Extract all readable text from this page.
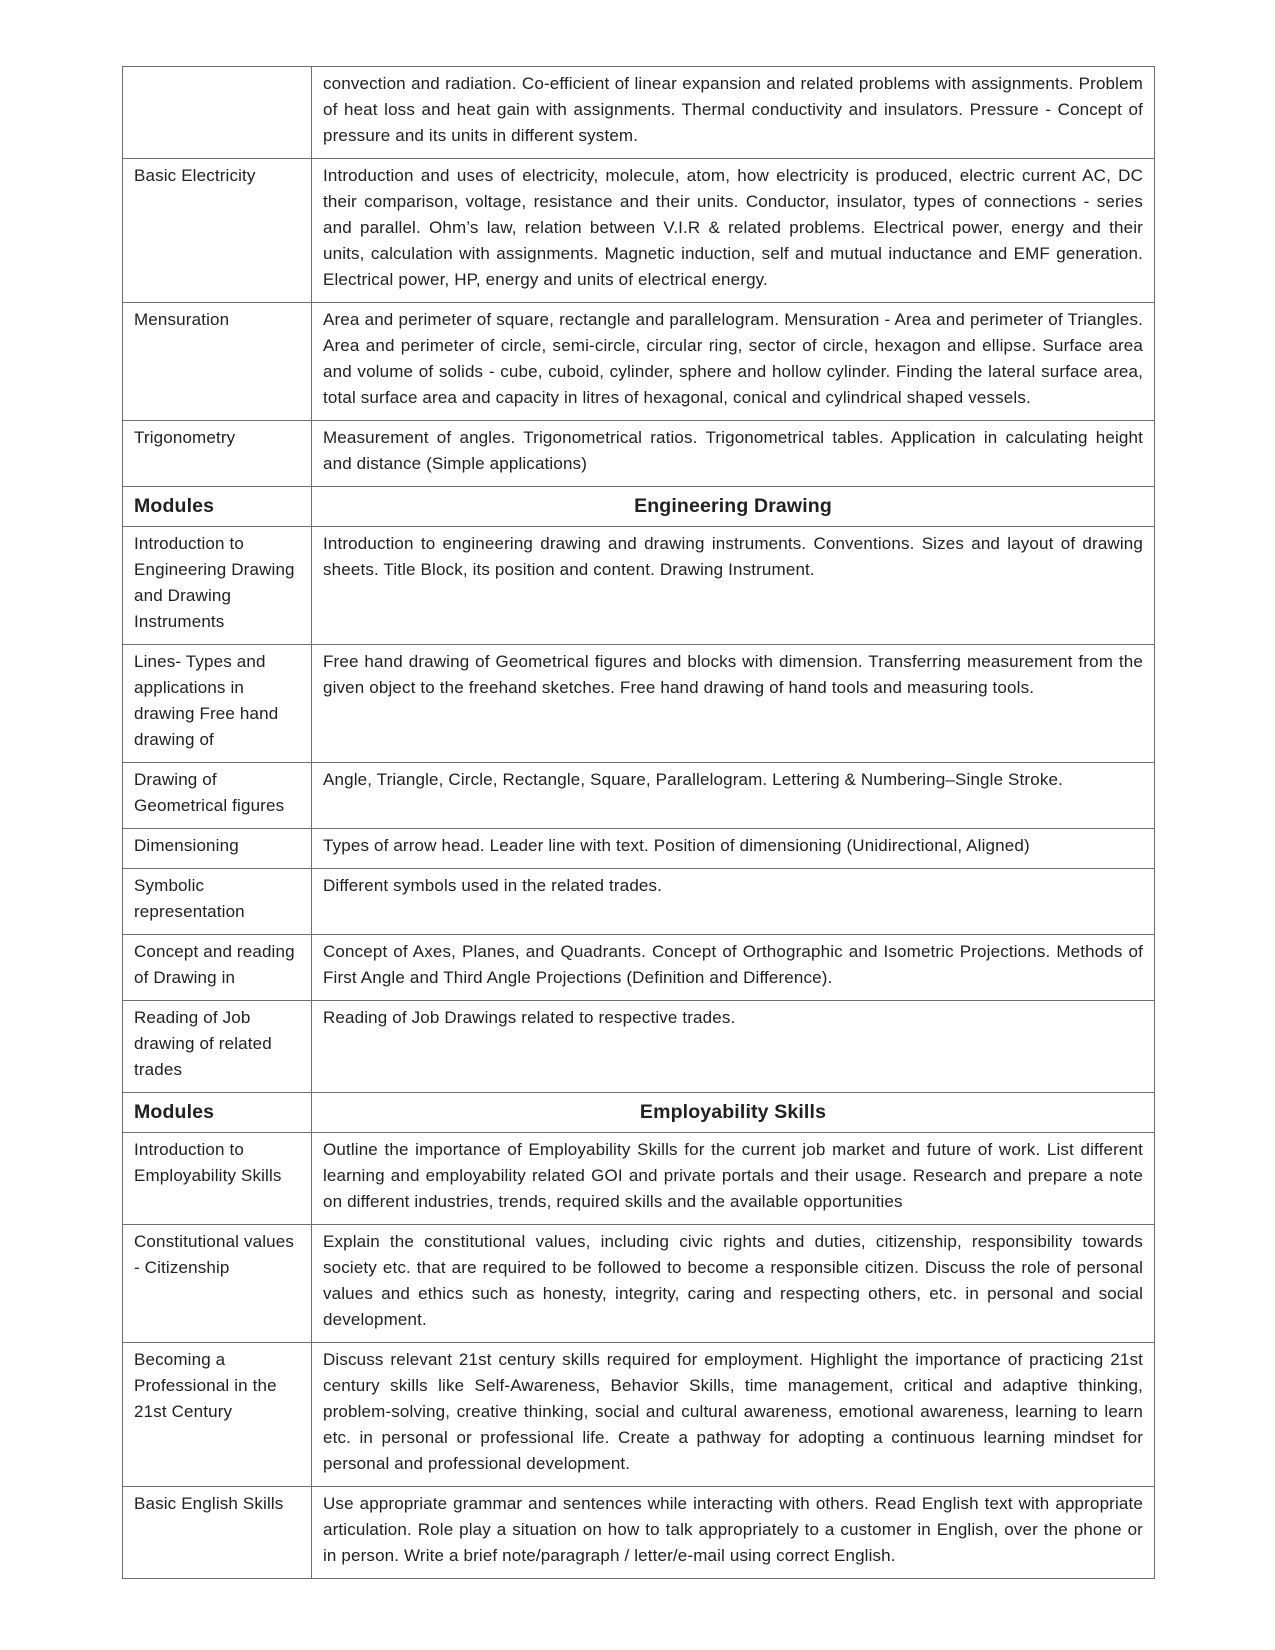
	convection and radiation. Co-efficient of linear expansion and related problems with assignments. Problem of heat loss and heat gain with assignments. Thermal conductivity and insulators. Pressure - Concept of pressure and its units in different system.
Basic Electricity	Introduction and uses of electricity, molecule, atom, how electricity is produced, electric current AC, DC their comparison, voltage, resistance and their units. Conductor, insulator, types of connections - series and parallel. Ohm’s law, relation between V.I.R & related problems. Electrical power, energy and their units, calculation with assignments. Magnetic induction, self and mutual inductance and EMF generation. Electrical power, HP, energy and units of electrical energy.
Mensuration	Area and perimeter of square, rectangle and parallelogram. Mensuration - Area and perimeter of Triangles. Area and perimeter of circle, semi-circle, circular ring, sector of circle, hexagon and ellipse. Surface area and volume of solids - cube, cuboid, cylinder, sphere and hollow cylinder. Finding the lateral surface area, total surface area and capacity in litres of hexagonal, conical and cylindrical shaped vessels.
Trigonometry	Measurement of angles. Trigonometrical ratios. Trigonometrical tables. Application in calculating height and distance (Simple applications)
Modules	Engineering Drawing
Introduction to Engineering Drawing and Drawing Instruments	Introduction to engineering drawing and drawing instruments. Conventions. Sizes and layout of drawing sheets. Title Block, its position and content. Drawing Instrument.
Lines- Types and applications in drawing Free hand drawing of	Free hand drawing of Geometrical figures and blocks with dimension. Transferring measurement from the given object to the freehand sketches. Free hand drawing of hand tools and measuring tools.
Drawing of Geometrical figures	Angle, Triangle, Circle, Rectangle, Square, Parallelogram. Lettering & Numbering–Single Stroke.
Dimensioning	Types of arrow head. Leader line with text. Position of dimensioning (Unidirectional, Aligned)
Symbolic representation	Different symbols used in the related trades.
Concept and reading of Drawing in	Concept of Axes, Planes, and Quadrants. Concept of Orthographic and Isometric Projections. Methods of First Angle and Third Angle Projections (Definition and Difference).
Reading of Job drawing of related trades	Reading of Job Drawings related to respective trades.
Modules	Employability Skills
Introduction to Employability Skills	Outline the importance of Employability Skills for the current job market and future of work. List different learning and employability related GOI and private portals and their usage. Research and prepare a note on different industries, trends, required skills and the available opportunities
Constitutional values - Citizenship	Explain the constitutional values, including civic rights and duties, citizenship, responsibility towards society etc. that are required to be followed to become a responsible citizen. Discuss the role of personal values and ethics such as honesty, integrity, caring and respecting others, etc. in personal and social development.
Becoming a Professional in the 21st Century	Discuss relevant 21st century skills required for employment. Highlight the importance of practicing 21st century skills like Self-Awareness, Behavior Skills, time management, critical and adaptive thinking, problem-solving, creative thinking, social and cultural awareness, emotional awareness, learning to learn etc. in personal or professional life. Create a pathway for adopting a continuous learning mindset for personal and professional development.
Basic English Skills	Use appropriate grammar and sentences while interacting with others. Read English text with appropriate articulation. Role play a situation on how to talk appropriately to a customer in English, over the phone or in person. Write a brief note/paragraph / letter/e-mail using correct English.
